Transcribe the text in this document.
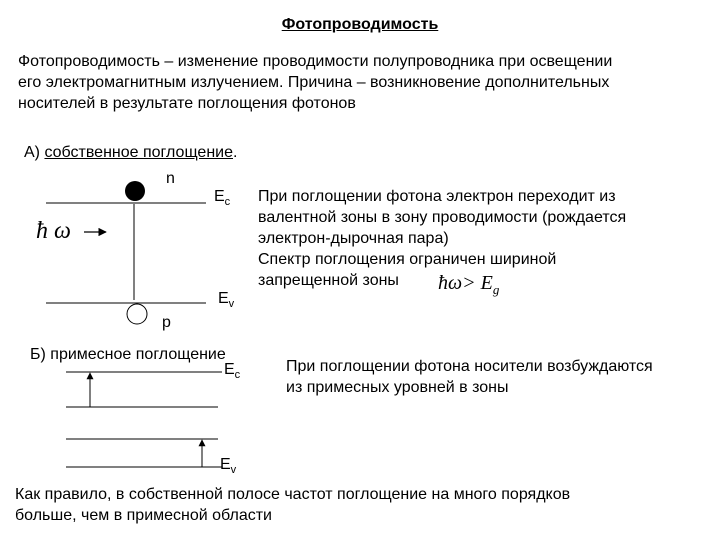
Фотопроводимость
Фотопроводимость – изменение проводимости полупроводника при освещении
его электромагнитным излучением. Причина – возникновение дополнительных
носителей в результате поглощения фотонов
А) собственное поглощение.
n
$E_c$
$E_v$
p
ħ ω
При поглощении фотона электрон переходит из
валентной зоны в зону проводимости (рождается
электрон-дырочная пара)
Спектр поглощения ограничен шириной
запрещенной зоны	ħω> $E_g$
Б) примесное поглощение
$E_c$
$E_v$
При поглощении фотона носители возбуждаются
из примесных уровней в зоны
Как правило, в собственной полосе частот поглощение на много порядков
больше, чем в примесной области
